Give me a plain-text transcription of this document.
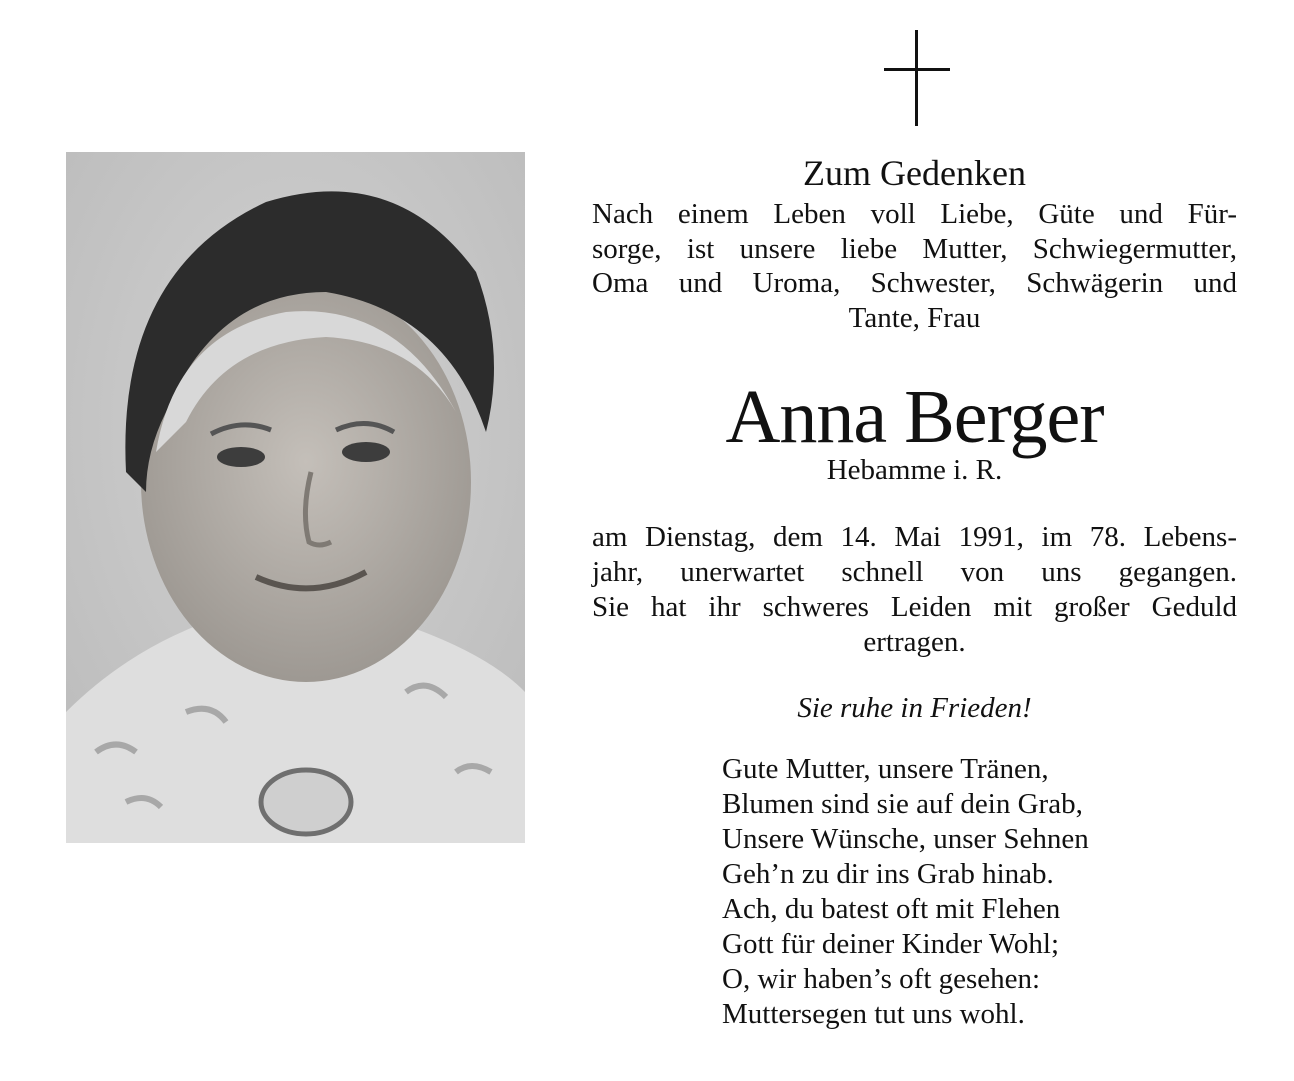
Zum Gedenken
Nach einem Leben voll Liebe, Güte und Für-
sorge, ist unsere liebe Mutter, Schwiegermutter,
Oma und Uroma, Schwester, Schwägerin und
Tante, Frau
Anna Berger
Hebamme i. R.
am Dienstag, dem 14. Mai 1991, im 78. Lebens-
jahr, unerwartet schnell von uns gegangen.
Sie hat ihr schweres Leiden mit großer Geduld
ertragen.
Sie ruhe in Frieden!
Gute Mutter, unsere Tränen,
Blumen sind sie auf dein Grab,
Unsere Wünsche, unser Sehnen
Geh’n zu dir ins Grab hinab.
Ach, du batest oft mit Flehen
Gott für deiner Kinder Wohl;
O, wir haben’s oft gesehen:
Muttersegen tut uns wohl.
